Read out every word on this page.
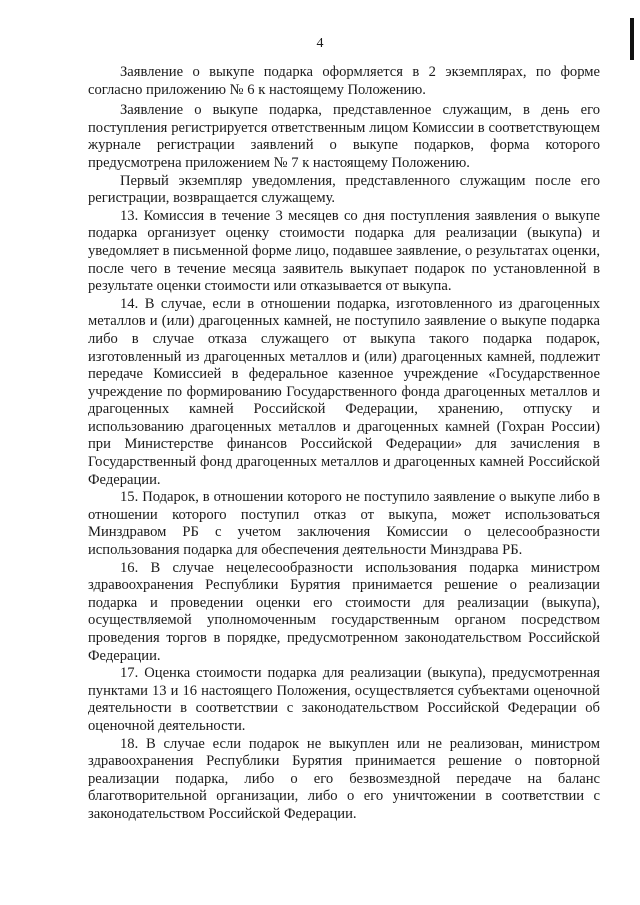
4

Заявление о выкупе подарка оформляется в 2 экземплярах, по форме согласно приложению № 6 к настоящему Положению.

Заявление о выкупе подарка, представленное служащим, в день его поступления регистрируется ответственным лицом Комиссии в соответствующем журнале регистрации заявлений о выкупе подарков, форма которого предусмотрена приложением № 7 к настоящему Положению.

Первый экземпляр уведомления, представленного служащим после его регистрации, возвращается служащему.

13. Комиссия в течение 3 месяцев со дня поступления заявления о выкупе подарка организует оценку стоимости подарка для реализации (выкупа) и уведомляет в письменной форме лицо, подавшее заявление, о результатах оценки, после чего в течение месяца заявитель выкупает подарок по установленной в результате оценки стоимости или отказывается от выкупа.

14. В случае, если в отношении подарка, изготовленного из драгоценных металлов и (или) драгоценных камней, не поступило заявление о выкупе подарка либо в случае отказа служащего от выкупа такого подарка подарок, изготовленный из драгоценных металлов и (или) драгоценных камней, подлежит передаче Комиссией в федеральное казенное учреждение «Государственное учреждение по формированию Государственного фонда драгоценных металлов и драгоценных камней Российской Федерации, хранению, отпуску и использованию драгоценных металлов и драгоценных камней (Гохран России) при Министерстве финансов Российской Федерации» для зачисления в Государственный фонд драгоценных металлов и драгоценных камней Российской Федерации.

15. Подарок, в отношении которого не поступило заявление о выкупе либо в отношении которого поступил отказ от выкупа, может использоваться Минздравом РБ с учетом заключения Комиссии о целесообразности использования подарка для обеспечения деятельности Минздрава РБ.

16. В случае нецелесообразности использования подарка министром здравоохранения Республики Бурятия принимается решение о реализации подарка и проведении оценки его стоимости для реализации (выкупа), осуществляемой уполномоченным государственным органом посредством проведения торгов в порядке, предусмотренном законодательством Российской Федерации.

17. Оценка стоимости подарка для реализации (выкупа), предусмотренная пунктами 13 и 16 настоящего Положения, осуществляется субъектами оценочной деятельности в соответствии с законодательством Российской Федерации об оценочной деятельности.

18. В случае если подарок не выкуплен или не реализован, министром здравоохранения Республики Бурятия принимается решение о повторной реализации подарка, либо о его безвозмездной передаче на баланс благотворительной организации, либо о его уничтожении в соответствии с законодательством Российской Федерации.
